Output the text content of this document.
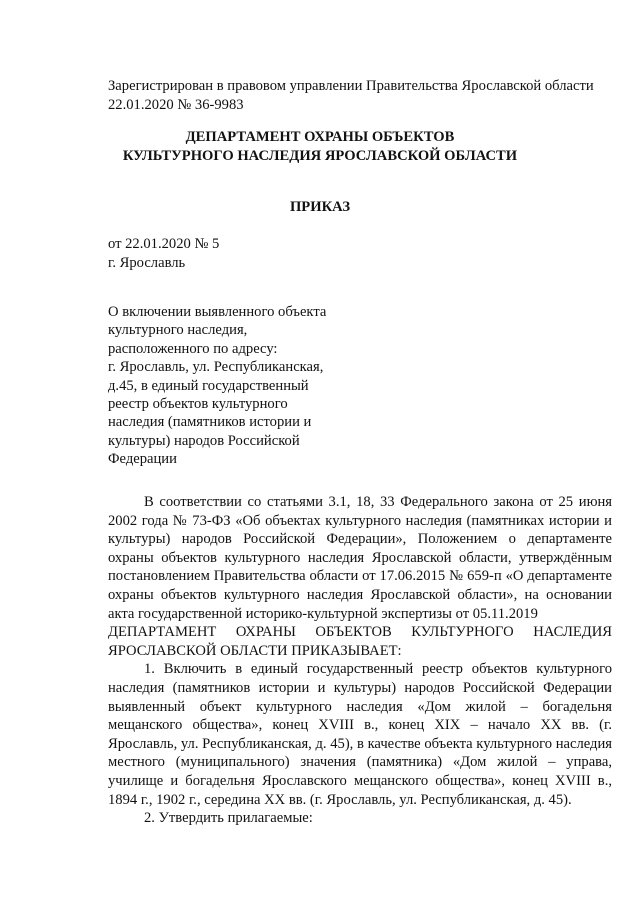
Зарегистрирован в правовом управлении Правительства Ярославской области
22.01.2020 № 36-9983
ДЕПАРТАМЕНТ ОХРАНЫ ОБЪЕКТОВ
КУЛЬТУРНОГО НАСЛЕДИЯ ЯРОСЛАВСКОЙ ОБЛАСТИ
ПРИКАЗ
от 22.01.2020 № 5
г. Ярославль
О включении выявленного объекта
культурного наследия,
расположенного по адресу:
г. Ярославль, ул. Республиканская,
д.45, в единый государственный
реестр объектов культурного
наследия (памятников истории и
культуры) народов Российской
Федерации

В соответствии со статьями 3.1, 18, 33 Федерального закона от 25 июня 2002 года № 73-ФЗ «Об объектах культурного наследия (памятниках истории и культуры) народов Российской Федерации», Положением о департаменте охраны объектов культурного наследия Ярославской области, утверждённым постановлением Правительства области от 17.06.2015 № 659-п «О департаменте охраны объектов культурного наследия Ярославской области», на основании акта государственной историко-культурной экспертизы от 05.11.2019

ДЕПАРТАМЕНТ ОХРАНЫ ОБЪЕКТОВ КУЛЬТУРНОГО НАСЛЕДИЯ ЯРОСЛАВСКОЙ ОБЛАСТИ ПРИКАЗЫВАЕТ:

1. Включить в единый государственный реестр объектов культурного наследия (памятников истории и культуры) народов Российской Федерации выявленный объект культурного наследия «Дом жилой – богадельня мещанского общества», конец XVIII в., конец XIX – начало XX вв. (г. Ярославль, ул. Республиканская, д. 45), в качестве объекта культурного наследия местного (муниципального) значения (памятника) «Дом жилой – управа, училище и богадельня Ярославского мещанского общества», конец XVIII в., 1894 г., 1902 г., середина XX вв. (г. Ярославль, ул. Республиканская, д. 45).

2. Утвердить прилагаемые:
